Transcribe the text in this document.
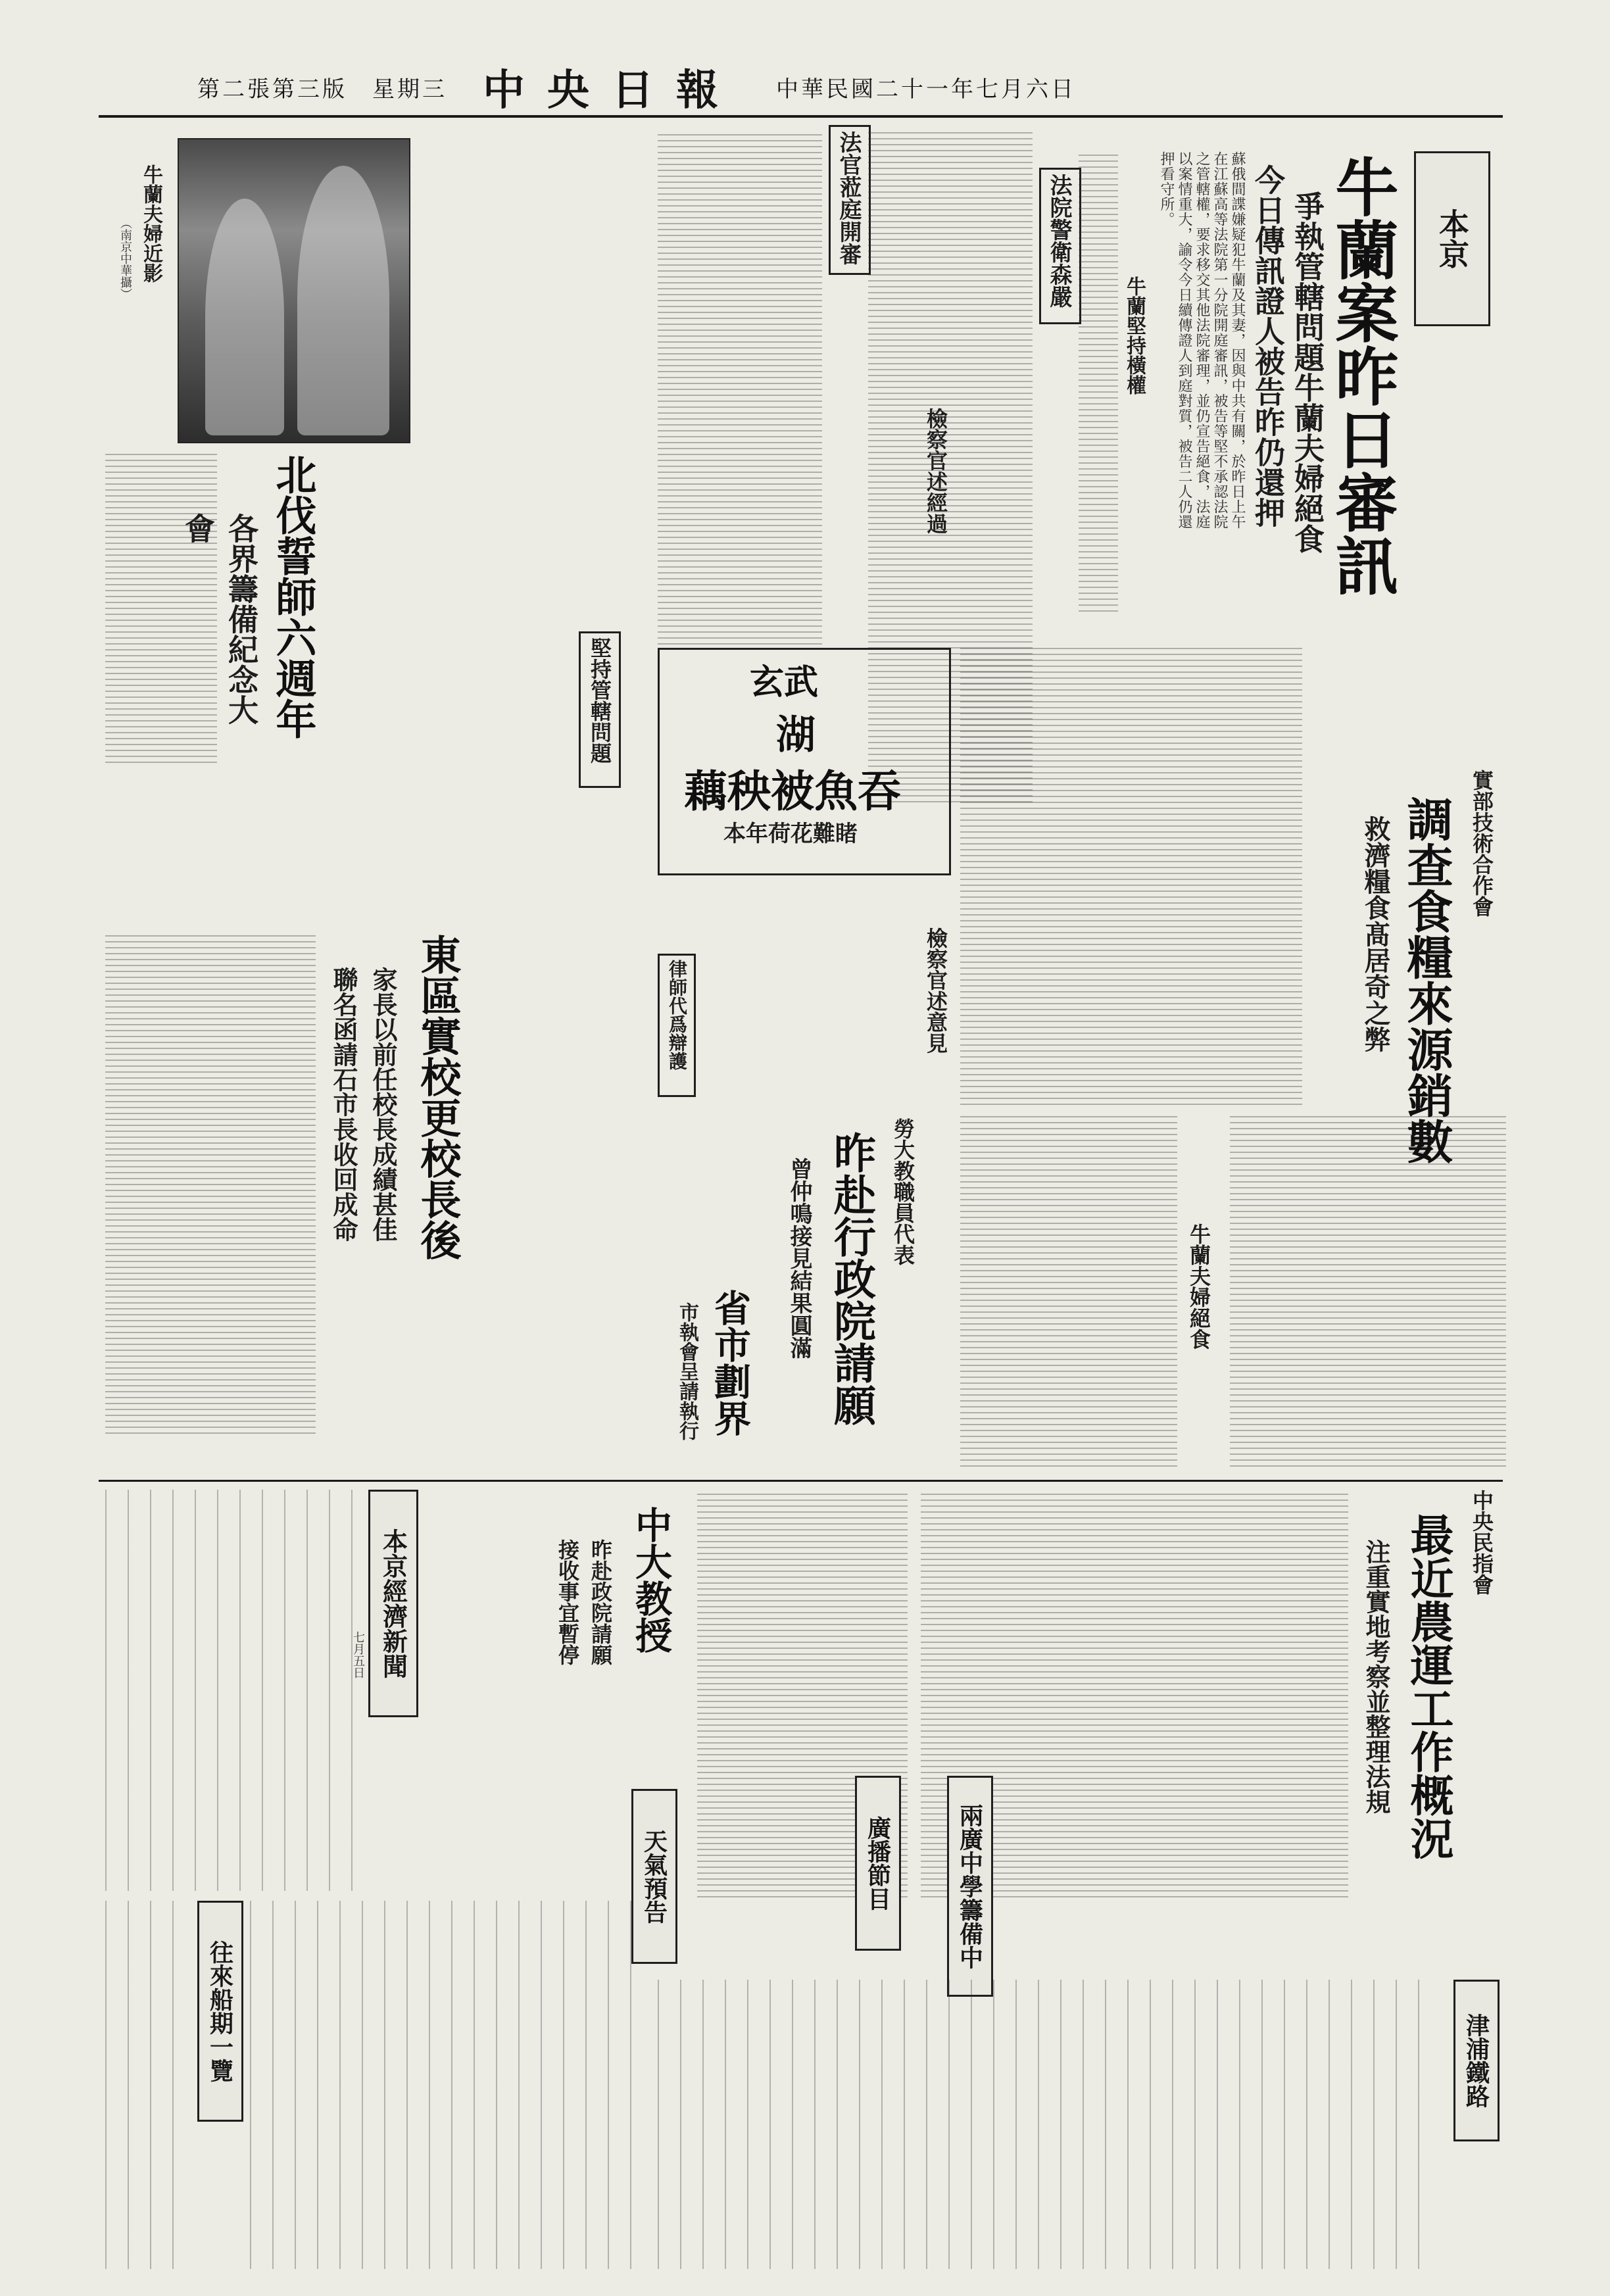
第二張第三版 星期三 中央日報 中華民國二十一年七月六日
本京
牛蘭案昨日審訊
爭執管轄問題牛蘭夫婦絕食
今日傳訊證人被告昨仍還押
蘇俄間諜嫌疑犯牛蘭及其妻，因與中共有關，於昨日上午在江蘇高等法院第一分院開庭審訊，被告等堅不承認法院之管轄權，要求移交其他法院審理，並仍宣告絕食，法庭以案情重大，諭令今日續傳證人到庭對質，被告二人仍還押看守所。
法院警衛森嚴
法官蒞庭開審
牛蘭堅持橫權
檢察官述經過
檢察官述意見
律師代爲辯護
牛蘭夫婦絕食
堅持管轄問題
牛蘭夫婦近影
（南京中華攝）
北伐誓師六週年
各界籌備紀念大會
玄武
湖
藕秧被魚吞
本年荷花難睹	實部技術合作會
調查食糧來源銷數
救濟糧食髙居奇之弊
東區實校更校長後
家長以前任校長成績甚佳
聯名函請石市長收回成命	勞大教職員代表
昨赴行政院請願
曾仲鳴接見結果圓滿
省市劃界
市執會呈請執行
中央民指會
最近農運工作概況
注重實地考察並整理法規
中大教授
昨赴政院請願
接收事宜暫停
本京經濟新聞
七月五日
天氣預告	廣播節目	兩廣中學籌備中
往來船期一覽	津浦鐵路
